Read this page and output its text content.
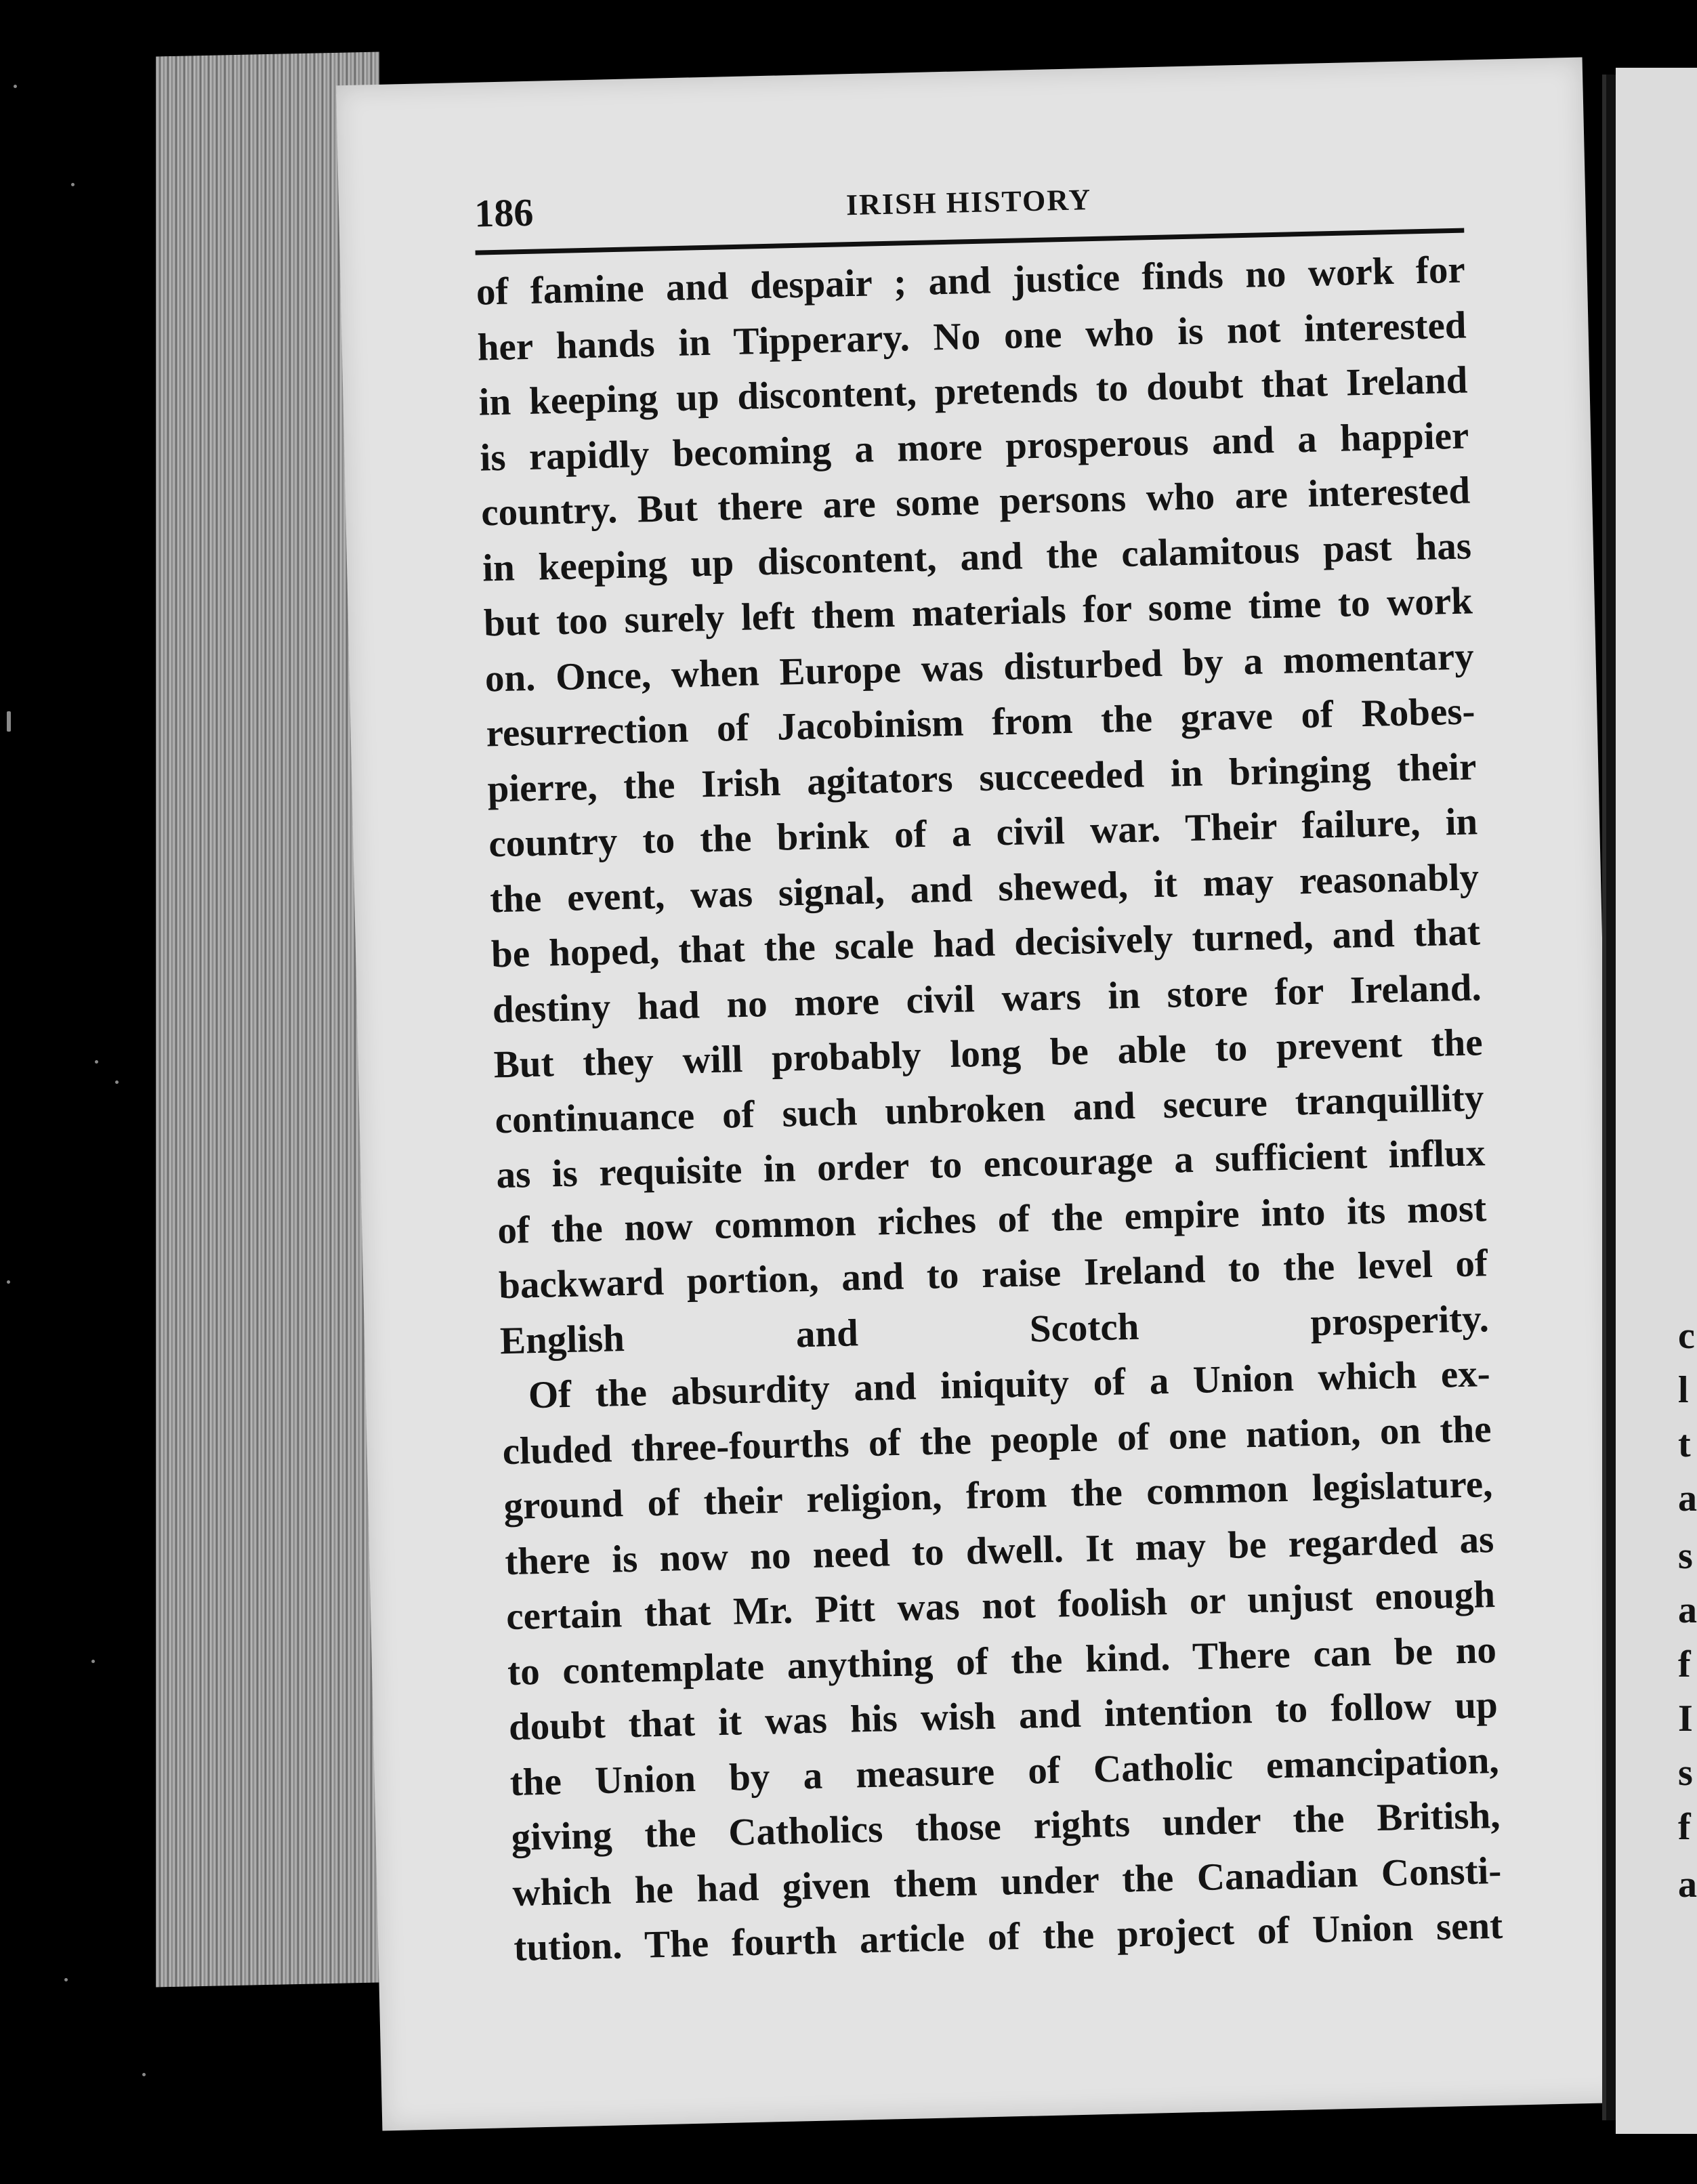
186	IRISH HISTORY
of famine and despair ; and justice finds no work for
her hands in Tipperary. No one who is not interested
in keeping up discontent, pretends to doubt that Ireland
is rapidly becoming a more prosperous and a happier
country. But there are some persons who are interested
in keeping up discontent, and the calamitous past has
but too surely left them materials for some time to work
on. Once, when Europe was disturbed by a momentary
resurrection of Jacobinism from the grave of Robes-
pierre, the Irish agitators succeeded in bringing their
country to the brink of a civil war. Their failure, in
the event, was signal, and shewed, it may reasonably
be hoped, that the scale had decisively turned, and that
destiny had no more civil wars in store for Ireland.
But they will probably long be able to prevent the
continuance of such unbroken and secure tranquillity
as is requisite in order to encourage a sufficient influx
of the now common riches of the empire into its most
backward portion, and to raise Ireland to the level of
English and Scotch prosperity.
Of the absurdity and iniquity of a Union which ex-
cluded three-fourths of the people of one nation, on the
ground of their religion, from the common legislature,
there is now no need to dwell. It may be regarded as
certain that Mr. Pitt was not foolish or unjust enough
to contemplate anything of the kind. There can be no
doubt that it was his wish and intention to follow up
the Union by a measure of Catholic emancipation,
giving the Catholics those rights under the British,
which he had given them under the Canadian Consti-
tution. The fourth article of the project of Union sent
c
l
t
a
s
a
f
I
s
f
a
